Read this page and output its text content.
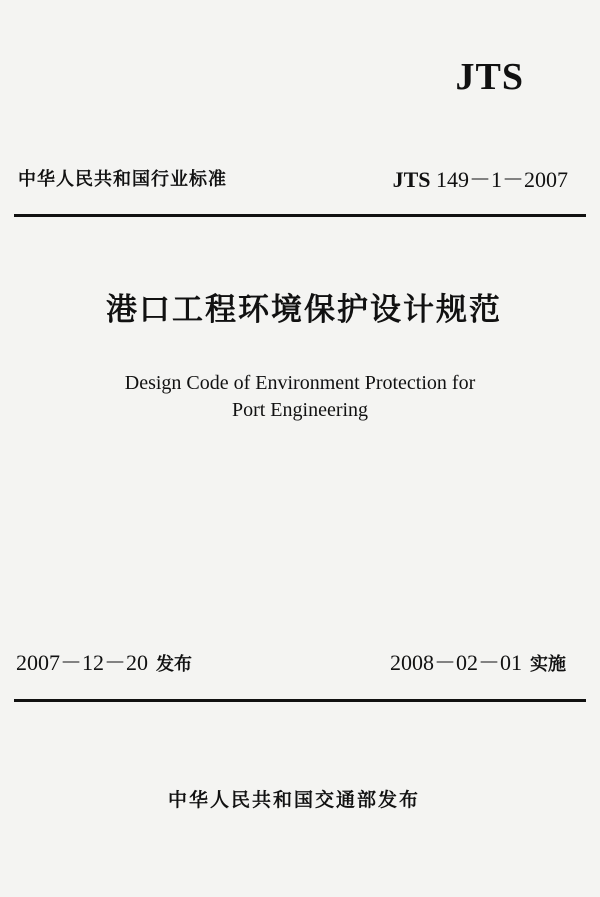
JTS
中华人民共和国行业标准	JTS 149－1－2007
港口工程环境保护设计规范
Design Code of Environment Protection for
Port Engineering
2007－12－20 发布	2008－02－01 实施
中华人民共和国交通部发布
